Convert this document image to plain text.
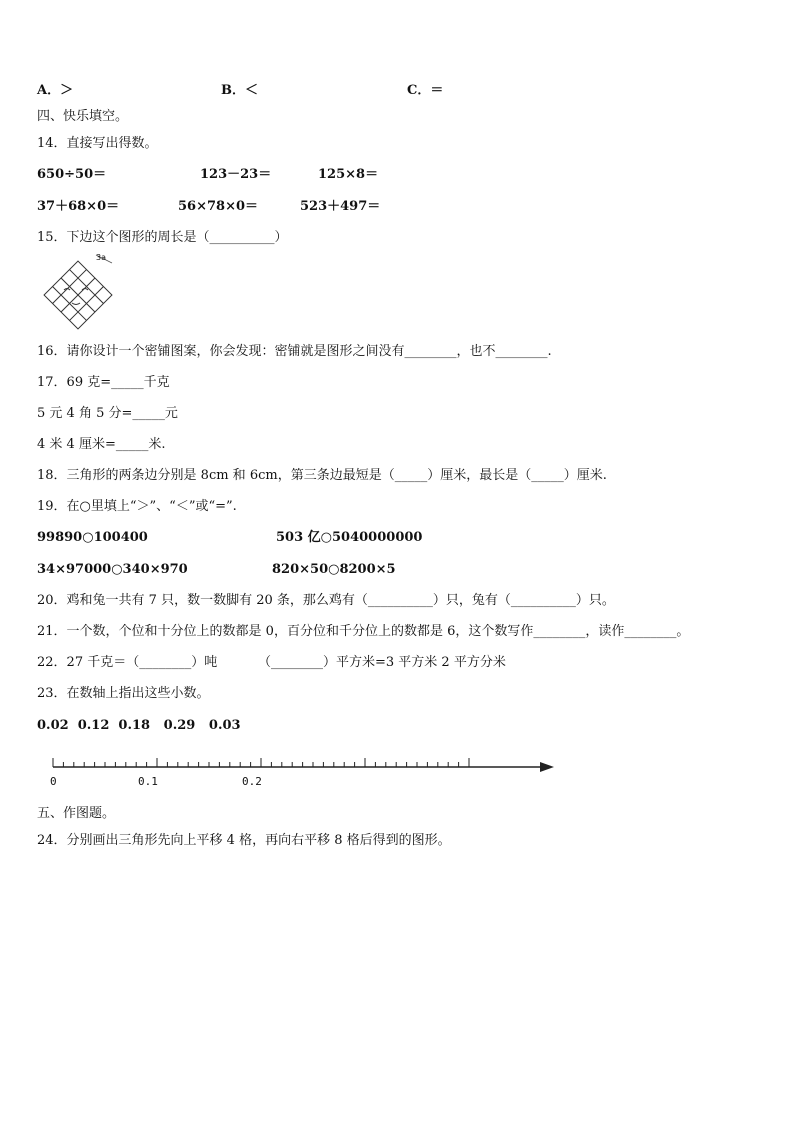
A．＞	B．＜	C．＝
四、快乐填空。
14．直接写出得数。
650÷50＝	123－23＝	125×8＝
37＋68×0＝	56×78×0＝	523＋497＝
15．下边这个图形的周长是（__________）
3a
16．请你设计一个密铺图案，你会发现：密铺就是图形之间没有________，也不________.
17．69 克=_____千克
5 元 4 角 5 分=_____元
4 米 4 厘米=_____米.
18．三角形的两条边分别是 8cm 和 6cm，第三条边最短是（_____）厘米，最长是（_____）厘米.
19．在○里填上“＞”、“＜”或“=”.
99890○100400	503 亿○5040000000
34×97000○340×970	820×50○8200×5
20．鸡和兔一共有 7 只，数一数脚有 20 条，那么鸡有（__________）只，兔有（__________）只。
21．一个数，个位和十分位上的数都是 0，百分位和千分位上的数都是 6，这个数写作________，读作________。
22．27 千克＝（________）吨	（________）平方米=3 平方米 2 平方分米
23．在数轴上指出这些小数。
0.02  0.12  0.18   0.29   0.03
0	0.1	0.2
五、作图题。
24．分别画出三角形先向上平移 4 格，再向右平移 8 格后得到的图形。
